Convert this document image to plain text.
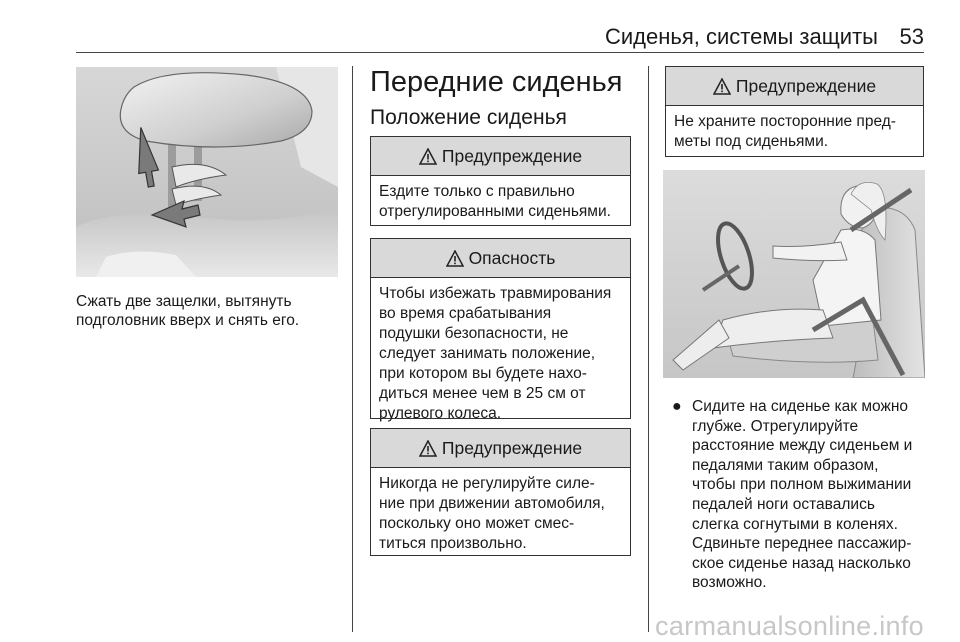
Сиденья, системы защиты 53
Сжать две защелки, вытянуть
подголовник вверх и снять его.
Передние сиденья
Положение сиденья
Предупреждение
Ездите только с правильно
отрегулированными сиденьями.
Опасность
Чтобы избежать травмирования
во время срабатывания
подушки безопасности, не
следует занимать положение,
при котором вы будете нахо-
диться менее чем в 25 см от
рулевого колеса.
Предупреждение
Никогда не регулируйте силе-
ние при движении автомобиля,
поскольку оно может смес-
титься произвольно.
Предупреждение
Не храните посторонние пред-
меты под сиденьями.
● Сидите на сиденье как можно
глубже. Отрегулируйте
расстояние между сиденьем и
педалями таким образом,
чтобы при полном выжимании
педалей ноги оставались
слегка согнутыми в коленях.
Сдвиньте переднее пассажир-
ское сиденье назад насколько
возможно.
carmanualsonline.info
